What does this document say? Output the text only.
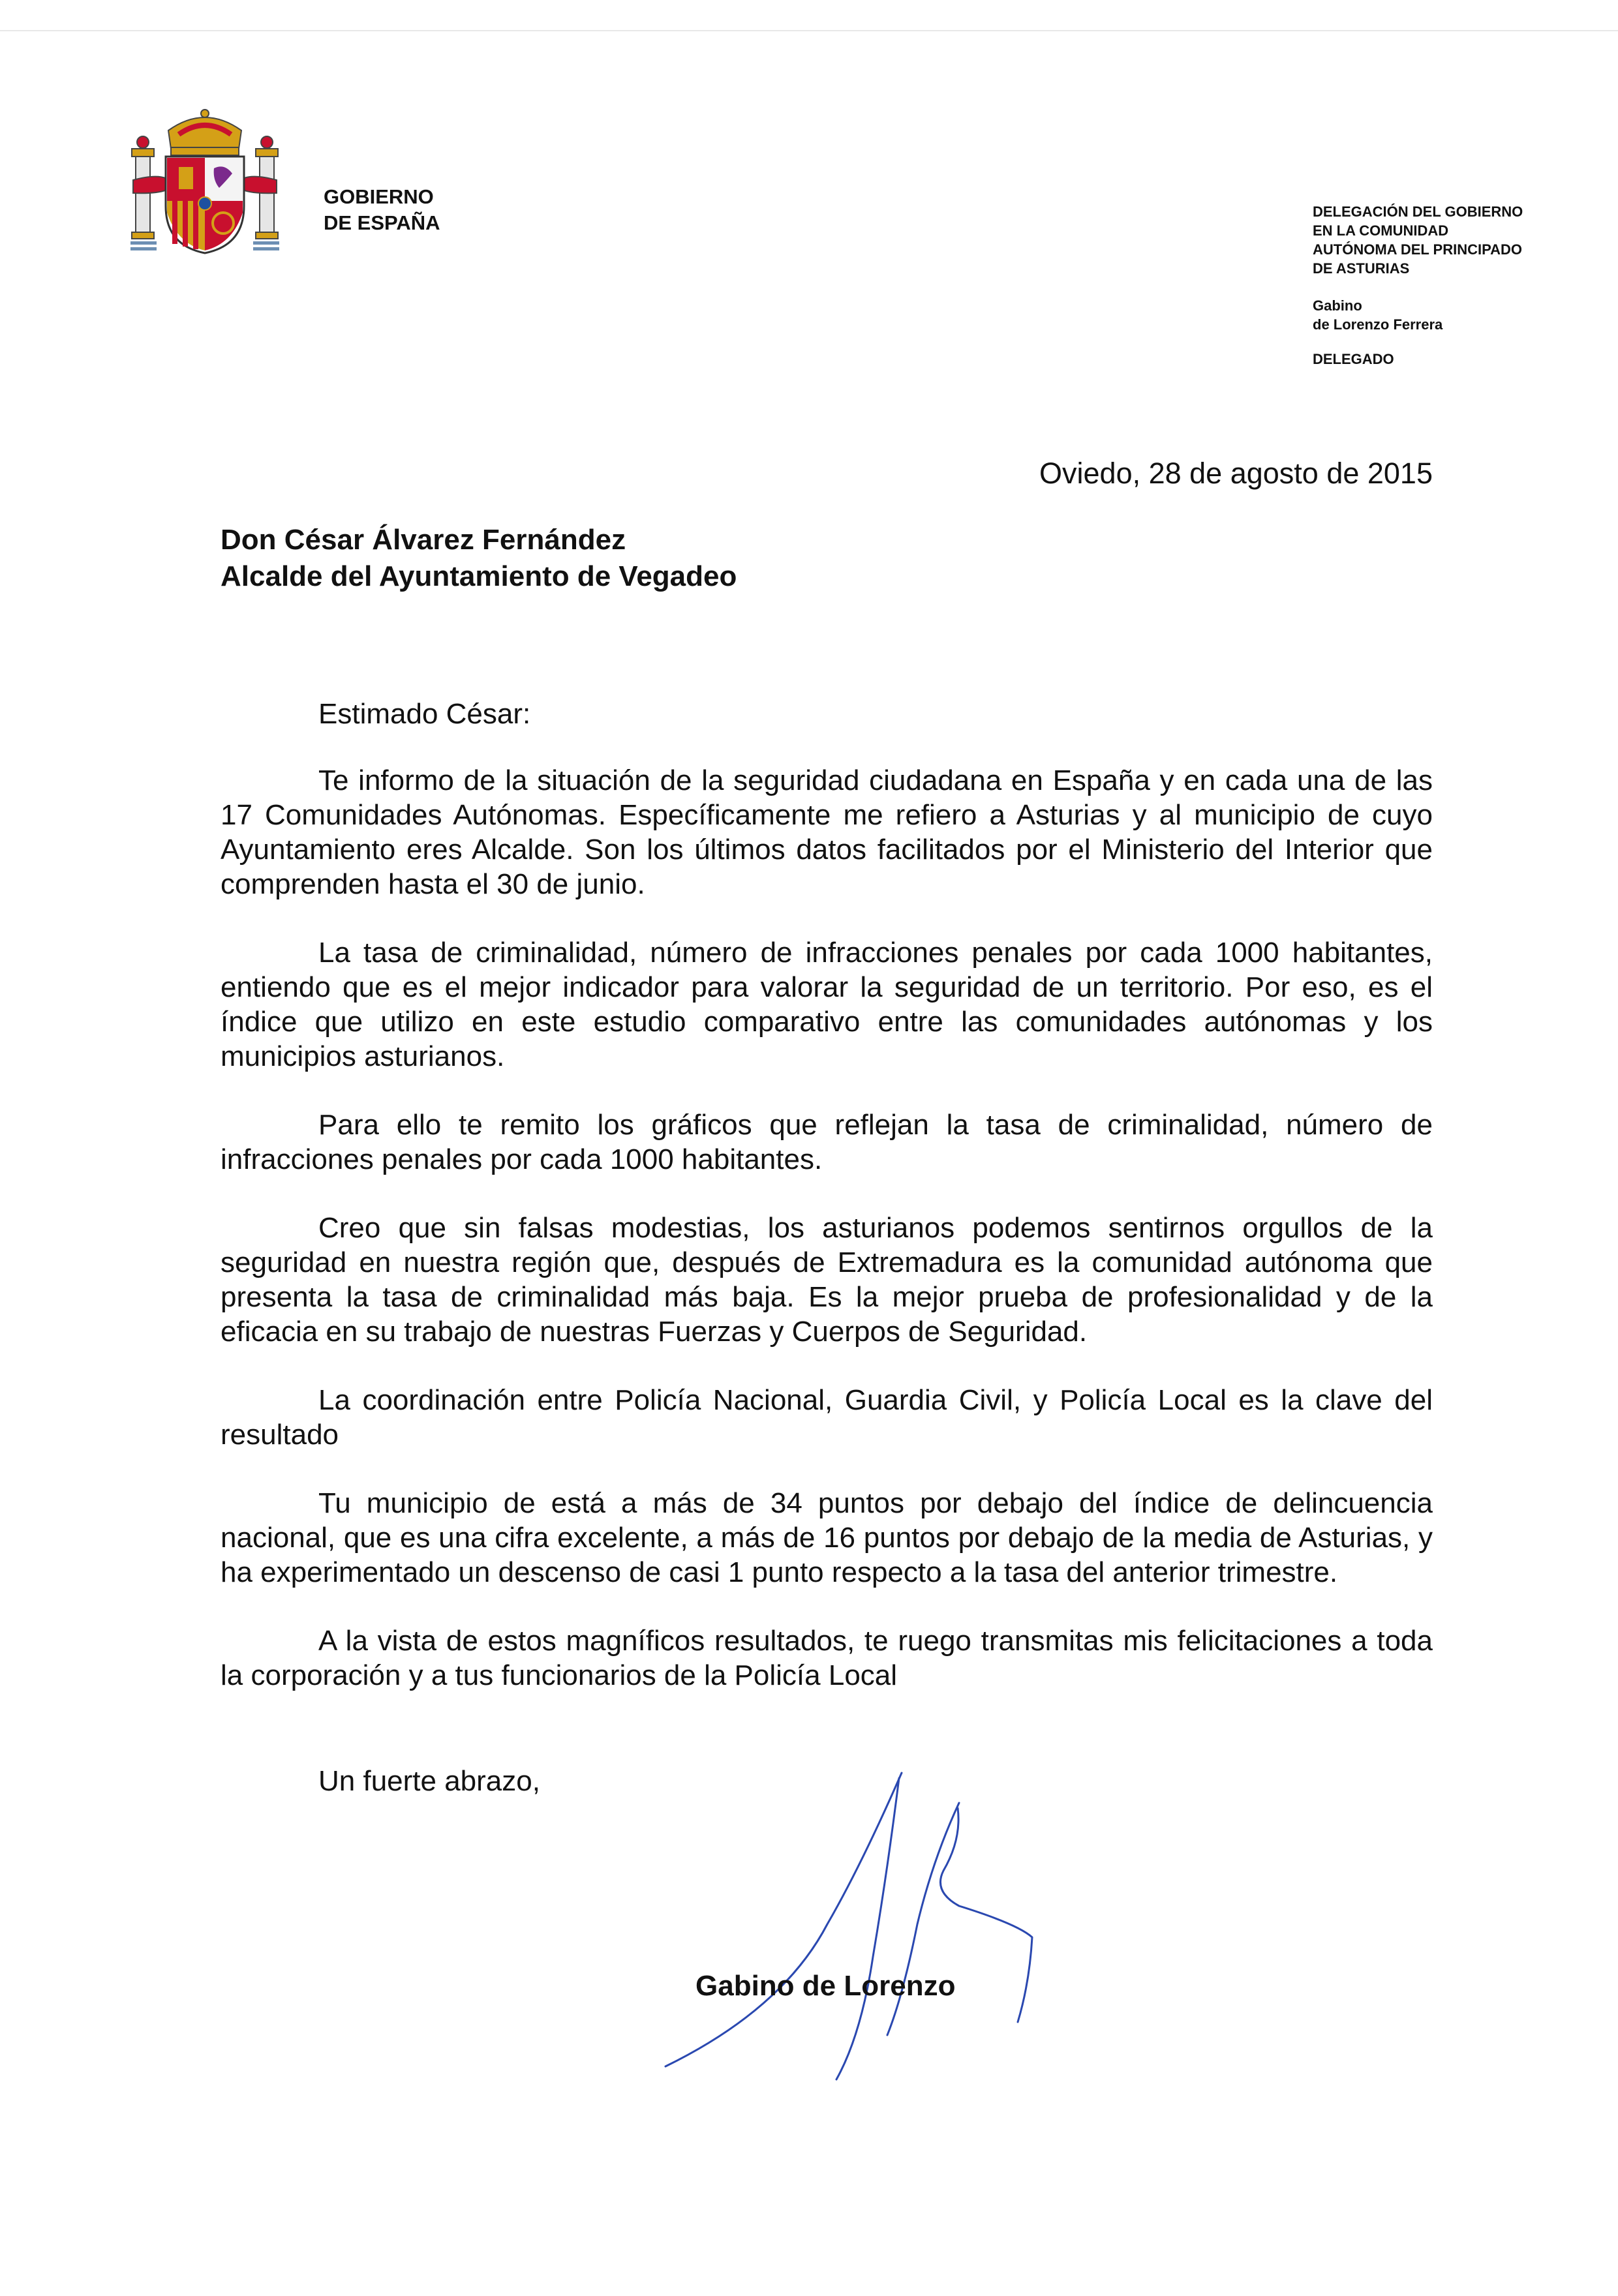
GOBIERNO
DE ESPAÑA	DELEGACIÓN DEL GOBIERNO
EN LA COMUNIDAD
AUTÓNOMA DEL PRINCIPADO
DE ASTURIAS
Gabino
de Lorenzo Ferrera
DELEGADO
Oviedo, 28 de agosto de 2015
Don César Álvarez Fernández
Alcalde del Ayuntamiento de Vegadeo
Estimado César:

Te informo de la situación de la seguridad ciudadana en España y en cada una de las 17 Comunidades Autónomas. Específicamente me refiero a Asturias y al municipio de cuyo Ayuntamiento eres Alcalde. Son los últimos datos facilitados por el Ministerio del Interior que comprenden hasta el 30 de junio.

La tasa de criminalidad, número de infracciones penales por cada 1000 habitantes, entiendo que es el mejor indicador para valorar la seguridad de un territorio. Por eso, es el índice que utilizo en este estudio comparativo entre las comunidades autónomas y los municipios asturianos.

Para ello te remito los gráficos que reflejan la tasa de criminalidad, número de infracciones penales por cada 1000 habitantes.

Creo que sin falsas modestias, los asturianos podemos sentirnos orgullos de la seguridad en nuestra región que, después de Extremadura es la comunidad autónoma que presenta la tasa de criminalidad más baja. Es la mejor prueba de profesionalidad y de la eficacia en su trabajo de nuestras Fuerzas y Cuerpos de Seguridad.

La coordinación entre Policía Nacional, Guardia Civil, y Policía Local es la clave del resultado

Tu municipio de está a más de 34 puntos por debajo del índice de delincuencia nacional, que es una cifra excelente, a más de 16 puntos por debajo de la media de Asturias, y ha experimentado un descenso de casi 1 punto respecto a la tasa del anterior trimestre.

A la vista de estos magníficos resultados, te ruego transmitas mis felicitaciones a toda la corporación y a tus funcionarios de la Policía Local

Un fuerte abrazo,
Gabino de Lorenzo
